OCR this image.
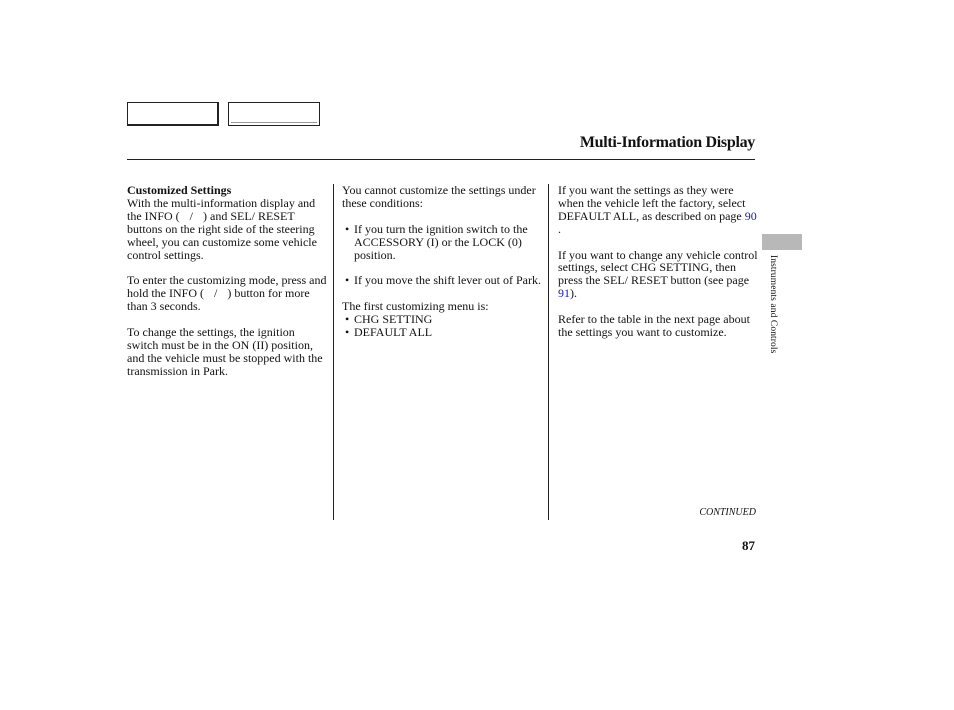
Multi-Information Display

Customized Settings
With the multi-information display and the INFO ( / ) and SEL/ RESET buttons on the right side of the steering wheel, you can customize some vehicle control settings.

To enter the customizing mode, press and hold the INFO ( / ) button for more than 3 seconds.

To change the settings, the ignition switch must be in the ON (II) position, and the vehicle must be stopped with the transmission in Park.

You cannot customize the settings under these conditions:

• If you turn the ignition switch to the ACCESSORY (I) or the LOCK (0) position.

• If you move the shift lever out of Park.

The first customizing menu is:
• CHG SETTING
• DEFAULT ALL

If you want the settings as they were when the vehicle left the factory, select DEFAULT ALL, as described on page 90 .

If you want to change any vehicle control settings, select CHG SETTING, then press the SEL/ RESET button (see page 91).

Refer to the table in the next page about the settings you want to customize.	Instruments and Controls
CONTINUED
87
